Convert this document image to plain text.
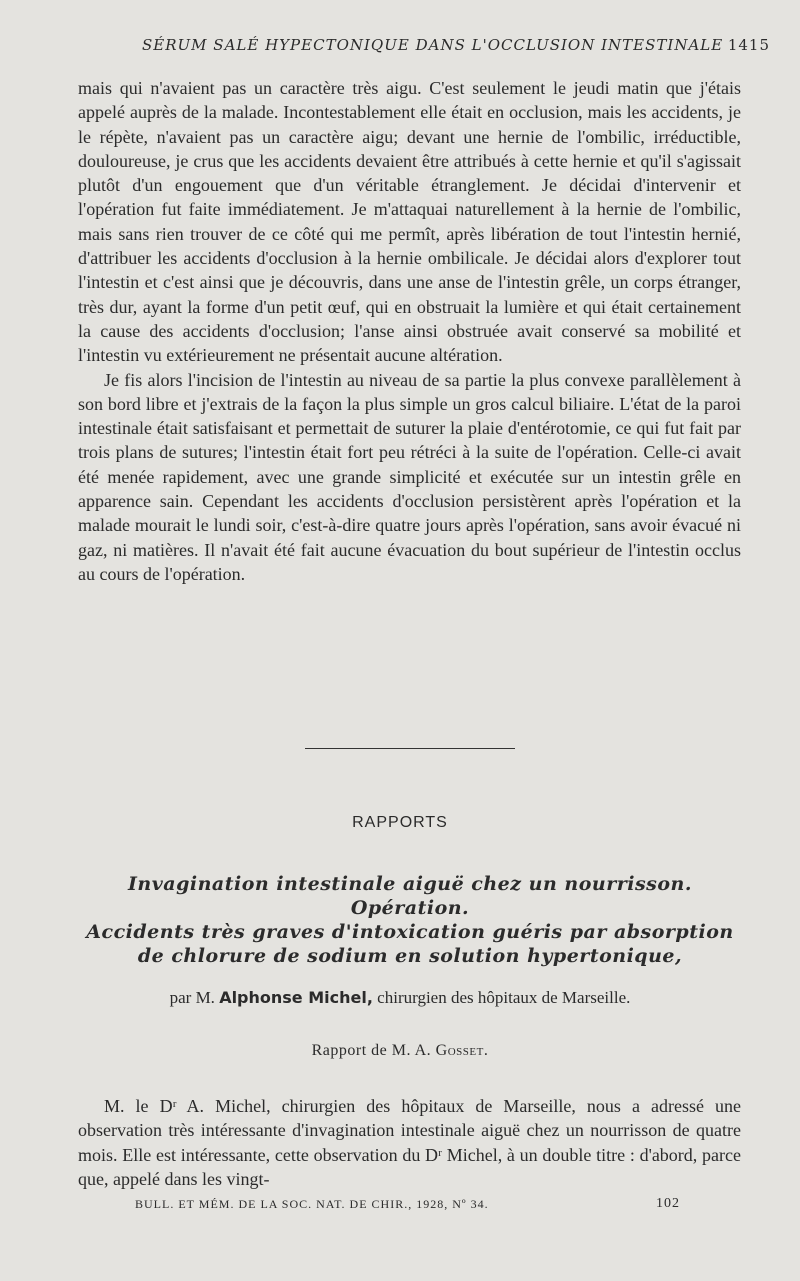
SÉRUM SALÉ HYPECTONIQUE DANS L'OCCLUSION INTESTINALE 1415

mais qui n'avaient pas un caractère très aigu. C'est seulement le jeudi matin que j'étais appelé auprès de la malade. Incontestablement elle était en occlusion, mais les accidents, je le répète, n'avaient pas un caractère aigu; devant une hernie de l'ombilic, irréductible, douloureuse, je crus que les accidents devaient être attribués à cette hernie et qu'il s'agissait plutôt d'un engouement que d'un véritable étranglement. Je décidai d'intervenir et l'opération fut faite immédiatement. Je m'attaquai naturellement à la hernie de l'ombilic, mais sans rien trouver de ce côté qui me permît, après libération de tout l'intestin hernié, d'attribuer les accidents d'occlusion à la hernie ombilicale. Je décidai alors d'explorer tout l'intestin et c'est ainsi que je découvris, dans une anse de l'intestin grêle, un corps étranger, très dur, ayant la forme d'un petit œuf, qui en obstruait la lumière et qui était certainement la cause des accidents d'occlusion; l'anse ainsi obstruée avait conservé sa mobilité et l'intestin vu extérieurement ne présentait aucune altération.

Je fis alors l'incision de l'intestin au niveau de sa partie la plus convexe parallèlement à son bord libre et j'extrais de la façon la plus simple un gros calcul biliaire. L'état de la paroi intestinale était satisfaisant et permettait de suturer la plaie d'entérotomie, ce qui fut fait par trois plans de sutures; l'intestin était fort peu rétréci à la suite de l'opération. Celle-ci avait été menée rapidement, avec une grande simplicité et exécutée sur un intestin grêle en apparence sain. Cependant les accidents d'occlusion persistèrent après l'opération et la malade mourait le lundi soir, c'est-à-dire quatre jours après l'opération, sans avoir évacué ni gaz, ni matières. Il n'avait été fait aucune évacuation du bout supérieur de l'intestin occlus au cours de l'opération.

RAPPORTS
Invagination intestinale aiguë chez un nourrisson.
Opération.
Accidents très graves d'intoxication guéris par absorption
de chlorure de sodium en solution hypertonique,
par M. Alphonse Michel, chirurgien des hôpitaux de Marseille.
Rapport de M. A. Gosset.

M. le Dʳ A. Michel, chirurgien des hôpitaux de Marseille, nous a adressé une observation très intéressante d'invagination intestinale aiguë chez un nourrisson de quatre mois. Elle est intéressante, cette observation du Dʳ Michel, à un double titre : d'abord, parce que, appelé dans les vingt-

BULL. ET MÉM. DE LA SOC. NAT. DE CHIR., 1928, Nº 34.	102
